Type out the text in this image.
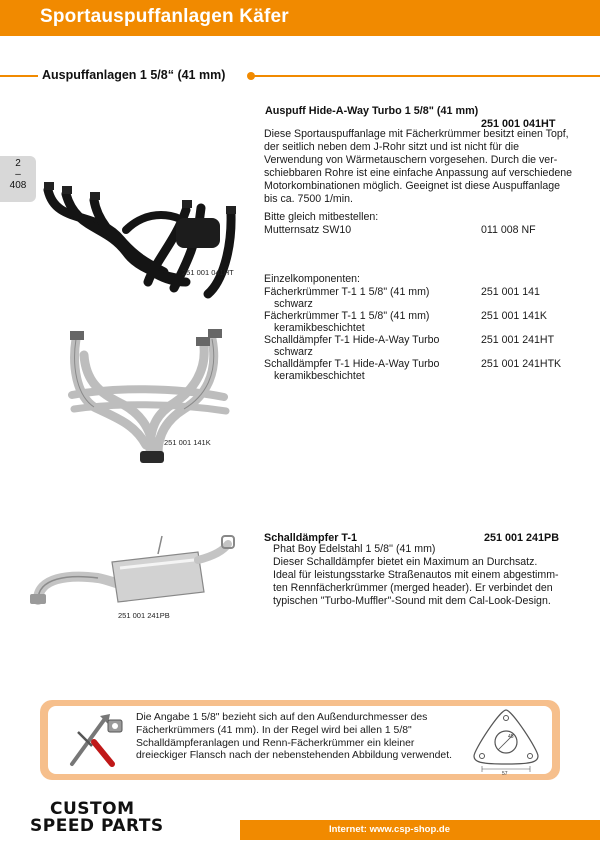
Sportauspuffanlagen Käfer
Auspuffanlagen 1 5/8“ (41 mm)
2
–
408
251 001 041HT
251 001 141K
251 001 241PB
Auspuff Hide-A-Way Turbo 1 5/8" (41 mm)
251 001 041HT
Diese Sportauspuffanlage mit Fächerkrümmer besitzt einen Topf,
der seitlich neben dem J-Rohr sitzt und ist nicht für die
Verwendung von Wärmetauschern vorgesehen. Durch die ver-
schiebbaren Rohre ist eine einfache Anpassung auf verschiedene
Motorkombinationen möglich. Geeignet ist diese Auspuffanlage
bis ca. 7500 1/min.
Bitte gleich mitbestellen:
Mutternsatz SW10	011 008 NF
Einzelkomponenten:
Fächerkrümmer T-1 1 5/8" (41 mm)	251 001 141
schwarz
Fächerkrümmer T-1 1 5/8" (41 mm)	251 001 141K
keramikbeschichtet
Schalldämpfer T-1 Hide-A-Way Turbo	251 001 241HT
schwarz
Schalldämpfer T-1 Hide-A-Way Turbo	251 001 241HTK
keramikbeschichtet
Schalldämpfer T-1	251 001 241PB
Phat Boy Edelstahl 1 5/8'' (41 mm)
Dieser Schalldämpfer bietet ein Maximum an Durchsatz.
Ideal für leistungsstarke Straßenautos mit einem abgestimm-
ten Rennfächerkrümmer (merged header). Er verbindet den
typischen "Turbo-Muffler"-Sound mit dem Cal-Look-Design.
Die Angabe 1 5/8" bezieht sich auf den Außendurchmesser des
Fächerkrümmers (41 mm). In der Regel wird bei allen 1 5/8"
Schalldämpferanlagen und Renn-Fächerkrümmer ein kleiner
dreieckiger Flansch nach der nebenstehenden Abbildung verwendet.
45
57
Internet: www.csp-shop.de
CUSTOM
SPEED PARTS
